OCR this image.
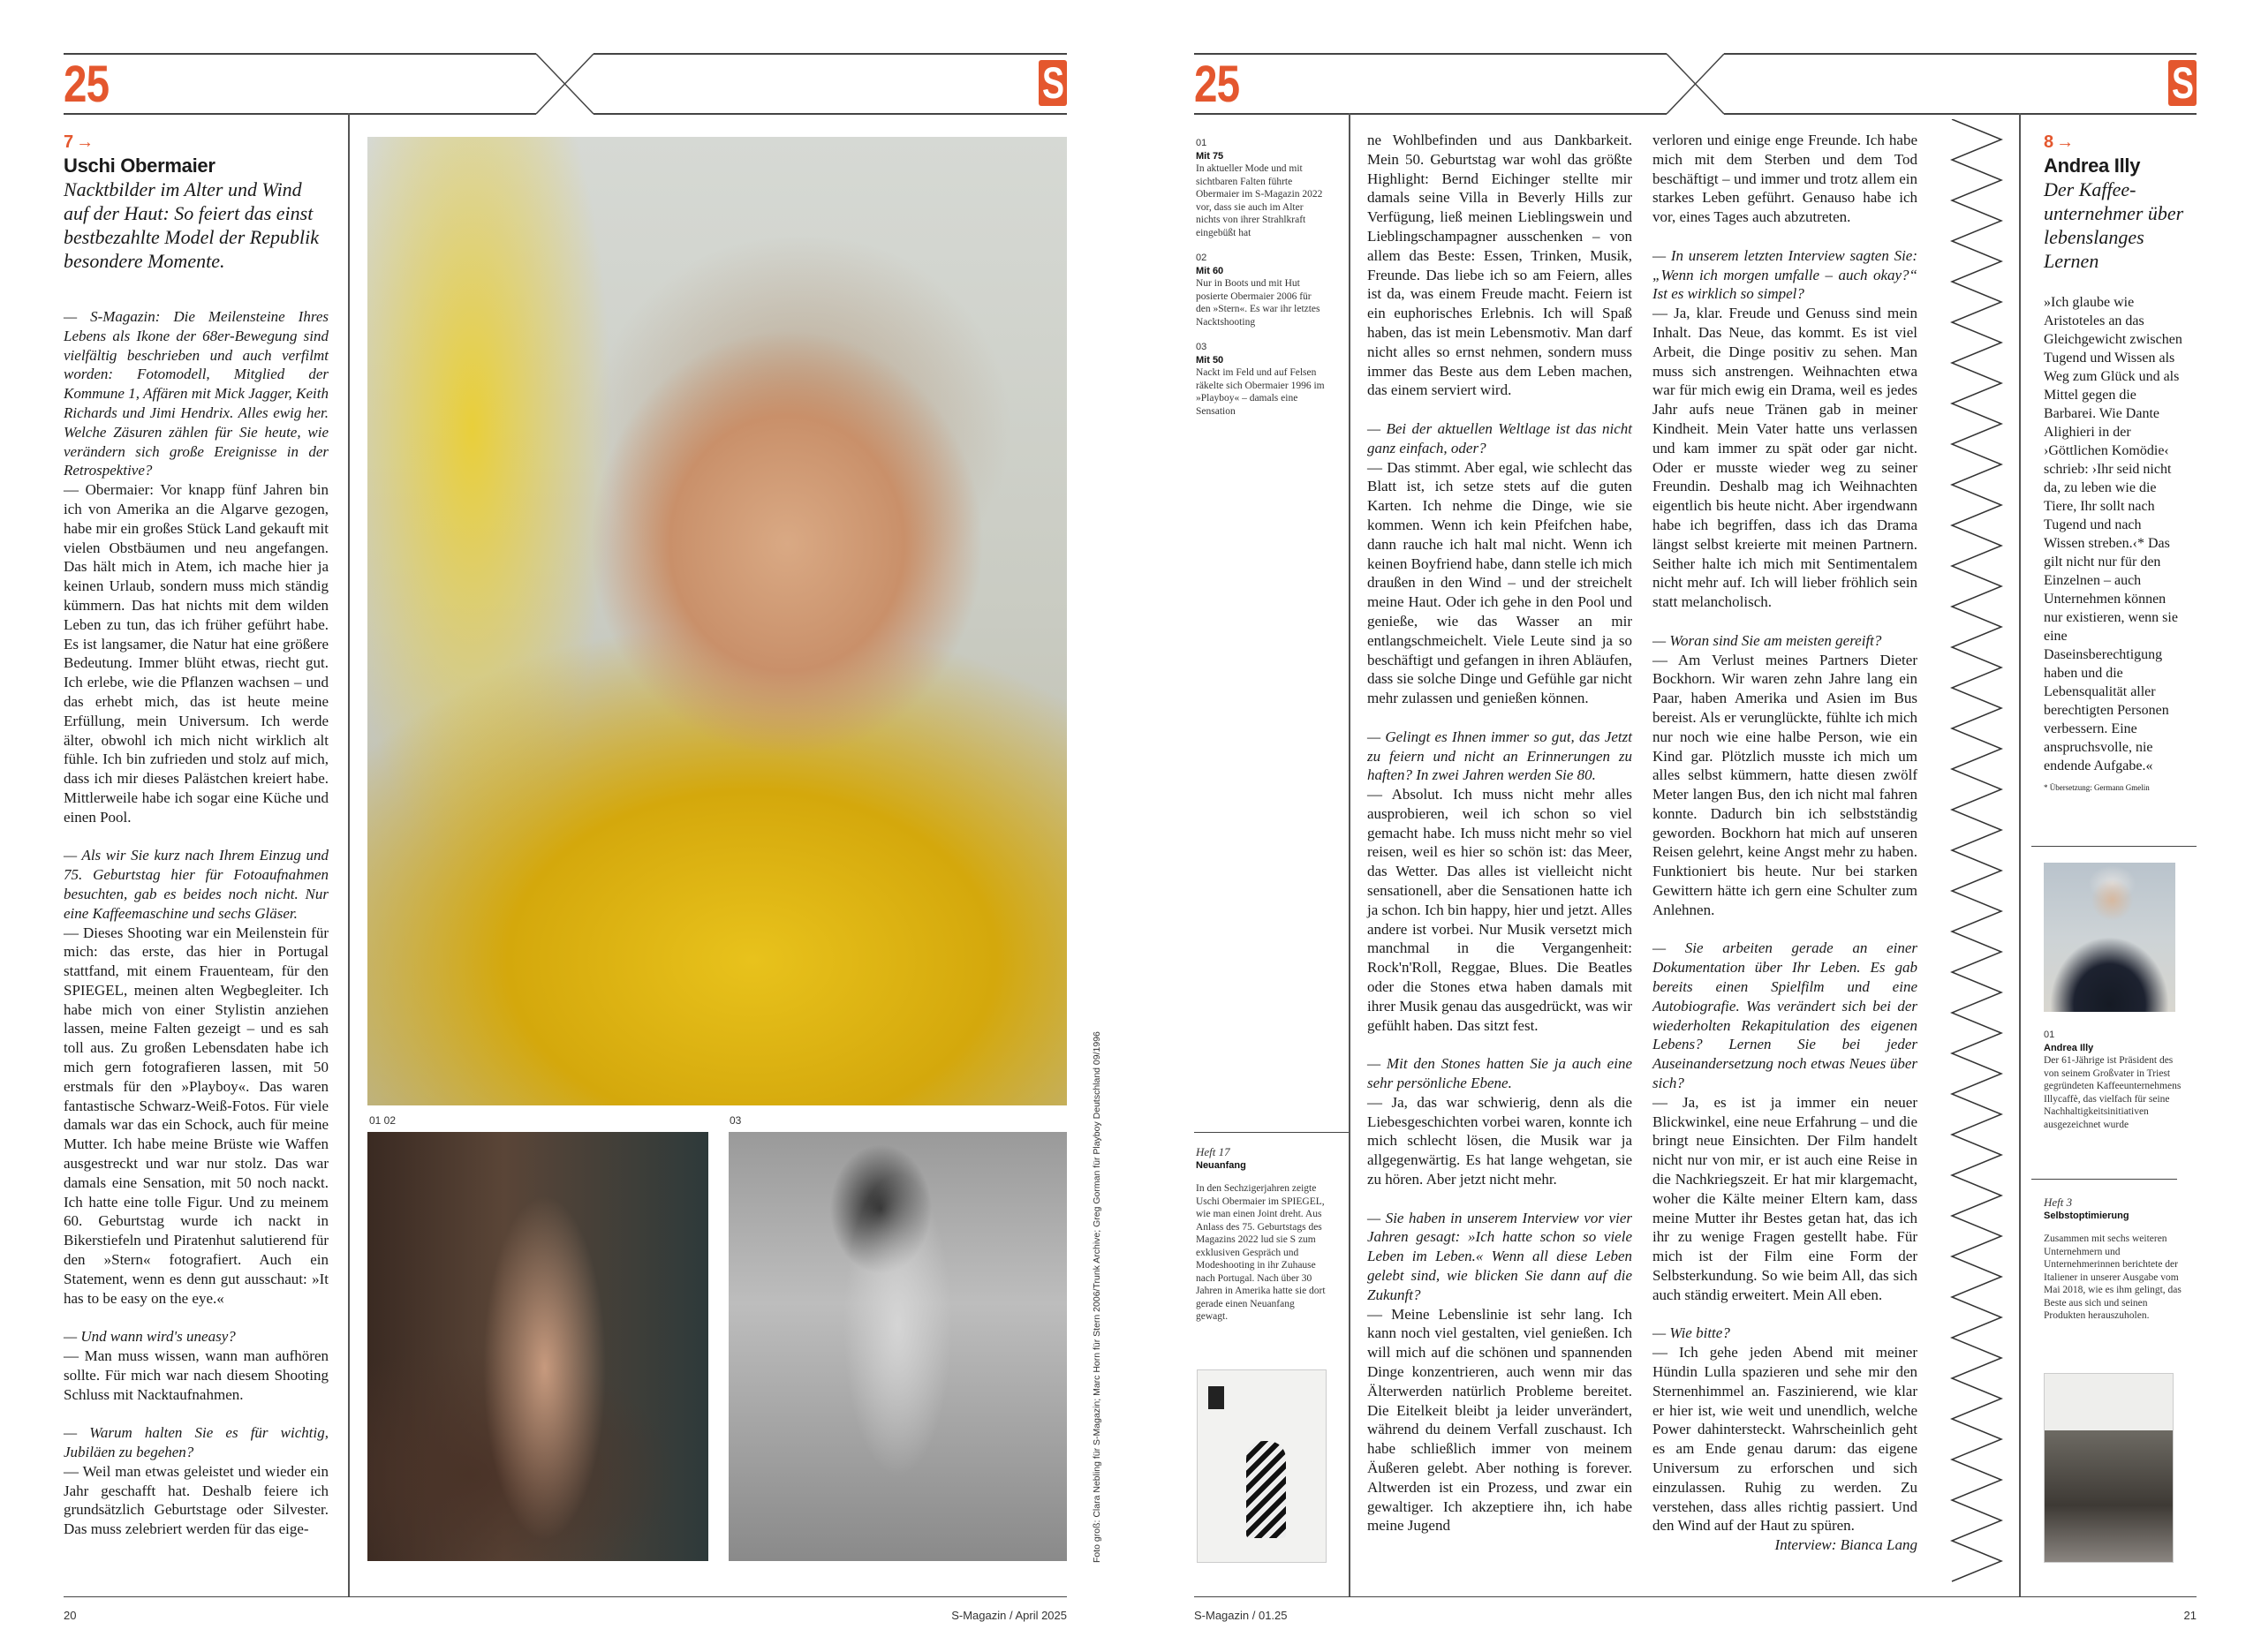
25	S
7 →
Uschi Obermaier
Nacktbilder im Alter und Wind auf der Haut: So feiert das einst bestbezahlte Model der Republik besondere Momente.

— S-Magazin: Die Meilensteine Ihres Lebens als Ikone der 68er-Bewegung sind vielfältig beschrieben und auch verfilmt worden: Fotomodell, Mitglied der Kommune 1, Affären mit Mick Jagger, Keith Richards und Jimi Hendrix. Alles ewig her. Welche Zäsuren zählen für Sie heute, wie verändern sich große Ereignisse in der Retrospektive?

— Obermaier: Vor knapp fünf Jahren bin ich von Amerika an die Algarve gezogen, habe mir ein großes Stück Land gekauft mit vielen Obstbäumen und neu angefangen. Das hält mich in Atem, ich mache hier ja keinen Urlaub, sondern muss mich ständig kümmern. Das hat nichts mit dem wilden Leben zu tun, das ich früher geführt habe. Es ist langsamer, die Natur hat eine größere Bedeutung. Immer blüht etwas, riecht gut. Ich erlebe, wie die Pflanzen wachsen – und das erhebt mich, das ist heute meine Erfüllung, mein Universum. Ich werde älter, obwohl ich mich nicht wirklich alt fühle. Ich bin zufrieden und stolz auf mich, dass ich mir dieses Palästchen kreiert habe. Mittlerweile habe ich sogar eine Küche und einen Pool.

— Als wir Sie kurz nach Ihrem Einzug und 75. Geburtstag hier für Fotoaufnahmen besuchten, gab es beides noch nicht. Nur eine Kaffeemaschine und sechs Gläser.

— Dieses Shooting war ein Meilenstein für mich: das erste, das hier in Portugal stattfand, mit einem Frauenteam, für den SPIEGEL, meinen alten Wegbegleiter. Ich habe mich von einer Stylistin anziehen lassen, meine Falten gezeigt – und es sah toll aus. Zu großen Lebensdaten habe ich mich gern fotografieren lassen, mit 50 erstmals für den »Playboy«. Das waren fantastische Schwarz-Weiß-Fotos. Für viele damals war das ein Schock, auch für meine Mutter. Ich habe meine Brüste wie Waffen ausgestreckt und war nur stolz. Das war damals eine Sensation, mit 50 noch nackt. Ich hatte eine tolle Figur. Und zu meinem 60. Geburtstag wurde ich nackt in Bikerstiefeln und Piratenhut salutierend für den »Stern« fotografiert. Auch ein Statement, wenn es denn gut ausschaut: »It has to be easy on the eye.«

— Und wann wird's uneasy?

— Man muss wissen, wann man aufhören sollte. Für mich war nach diesem Shooting Schluss mit Nacktaufnahmen.

— Warum halten Sie es für wichtig, Jubiläen zu begehen?

— Weil man etwas geleistet und wieder ein Jahr geschafft hat. Deshalb feiere ich grundsätzlich Geburtstage oder Silvester. Das muss zelebriert werden für das eige-

01 02	03	Foto groß: Clara Nebling für S-Magazin; Marc Horn für Stern 2006/Trunk Archive; Greg Gorman für Playboy Deutschland 09/1996
20	S-Magazin / April 2025
25	S
01
Mit 75
In aktueller Mode und mit sichtbaren Falten führte Obermaier im S-Magazin 2022 vor, dass sie auch im Alter nichts von ihrer Strahlkraft eingebüßt hat
02
Mit 60
Nur in Boots und mit Hut posierte Obermaier 2006 für den »Stern«. Es war ihr letztes Nacktshooting
03
Mit 50
Nackt im Feld und auf Felsen räkelte sich Obermaier 1996 im »Playboy« – damals eine Sensation
Heft 17
Neuanfang
In den Sechzigerjahren zeigte Uschi Obermaier im SPIEGEL, wie man einen Joint dreht. Aus Anlass des 75. Geburtstags des Magazins 2022 lud sie S zum exklusiven Gespräch und Modeshooting in ihr Zuhause nach Portugal. Nach über 30 Jahren in Amerika hatte sie dort gerade einen Neuanfang gewagt.

ne Wohlbefinden und aus Dankbarkeit. Mein 50. Geburtstag war wohl das größte Highlight: Bernd Eichinger stellte mir damals seine Villa in Beverly Hills zur Verfügung, ließ meinen Lieblingswein und Lieblingschampagner ausschenken – von allem das Beste: Essen, Trinken, Musik, Freunde. Das liebe ich so am Feiern, alles ist da, was einem Freude macht. Feiern ist ein euphorisches Erlebnis. Ich will Spaß haben, das ist mein Lebensmotiv. Man darf nicht alles so ernst nehmen, sondern muss immer das Beste aus dem Leben machen, das einem serviert wird.

— Bei der aktuellen Weltlage ist das nicht ganz einfach, oder?

— Das stimmt. Aber egal, wie schlecht das Blatt ist, ich setze stets auf die guten Karten. Ich nehme die Dinge, wie sie kommen. Wenn ich kein Pfeifchen habe, dann rauche ich halt mal nicht. Wenn ich keinen Boyfriend habe, dann stelle ich mich draußen in den Wind – und der streichelt meine Haut. Oder ich gehe in den Pool und genieße, wie das Wasser an mir entlangschmeichelt. Viele Leute sind ja so beschäftigt und gefangen in ihren Abläufen, dass sie solche Dinge und Gefühle gar nicht mehr zulassen und genießen können.

— Gelingt es Ihnen immer so gut, das Jetzt zu feiern und nicht an Erinnerungen zu haften? In zwei Jahren werden Sie 80.

— Absolut. Ich muss nicht mehr alles ausprobieren, weil ich schon so viel gemacht habe. Ich muss nicht mehr so viel reisen, weil es hier so schön ist: das Meer, das Wetter. Das alles ist vielleicht nicht sensationell, aber die Sensationen hatte ich ja schon. Ich bin happy, hier und jetzt. Alles andere ist vorbei. Nur Musik versetzt mich manchmal in die Vergangenheit: Rock'n'Roll, Reggae, Blues. Die Beatles oder die Stones etwa haben damals mit ihrer Musik genau das ausgedrückt, was wir gefühlt haben. Das sitzt fest.

— Mit den Stones hatten Sie ja auch eine sehr persönliche Ebene.

— Ja, das war schwierig, denn als die Liebesgeschichten vorbei waren, konnte ich mich schlecht lösen, die Musik war ja allgegenwärtig. Es hat lange wehgetan, sie zu hören. Aber jetzt nicht mehr.

— Sie haben in unserem Interview vor vier Jahren gesagt: »Ich hatte schon so viele Leben im Leben.« Wenn all diese Leben gelebt sind, wie blicken Sie dann auf die Zukunft?

— Meine Lebenslinie ist sehr lang. Ich kann noch viel gestalten, viel genießen. Ich will mich auf die schönen und spannenden Dinge konzentrieren, auch wenn mir das Älterwerden natürlich Probleme bereitet. Die Eitelkeit bleibt ja leider unverändert, während du deinem Verfall zuschaust. Ich habe schließlich immer von meinem Äußeren gelebt. Aber nothing is forever. Altwerden ist ein Prozess, und zwar ein gewaltiger. Ich akzeptiere ihn, ich habe meine Jugend

verloren und einige enge Freunde. Ich habe mich mit dem Sterben und dem Tod beschäftigt – und immer und trotz allem ein starkes Leben geführt. Genauso habe ich vor, eines Tages auch abzutreten.

— In unserem letzten Interview sagten Sie: „Wenn ich morgen umfalle – auch okay?“ Ist es wirklich so simpel?

— Ja, klar. Freude und Genuss sind mein Inhalt. Das Neue, das kommt. Es ist viel Arbeit, die Dinge positiv zu sehen. Man muss sich anstrengen. Weihnachten etwa war für mich ewig ein Drama, weil es jedes Jahr aufs neue Tränen gab in meiner Kindheit. Mein Vater hatte uns verlassen und kam immer zu spät oder gar nicht. Oder er musste wieder weg zu seiner Freundin. Deshalb mag ich Weihnachten eigentlich bis heute nicht. Aber irgendwann habe ich begriffen, dass ich das Drama längst selbst kreierte mit meinen Partnern. Seither halte ich mich mit Sentimentalem nicht mehr auf. Ich will lieber fröhlich sein statt melancholisch.

— Woran sind Sie am meisten gereift?

— Am Verlust meines Partners Dieter Bockhorn. Wir waren zehn Jahre lang ein Paar, haben Amerika und Asien im Bus bereist. Als er verunglückte, fühlte ich mich nur noch wie eine halbe Person, wie ein Kind gar. Plötzlich musste ich mich um alles selbst kümmern, hatte diesen zwölf Meter langen Bus, den ich nicht mal fahren konnte. Dadurch bin ich selbstständig geworden. Bockhorn hat mich auf unseren Reisen gelehrt, keine Angst mehr zu haben. Funktioniert bis heute. Nur bei starken Gewittern hätte ich gern eine Schulter zum Anlehnen.

— Sie arbeiten gerade an einer Dokumentation über Ihr Leben. Es gab bereits einen Spielfilm und eine Autobiografie. Was verändert sich bei der wiederholten Rekapitulation des eigenen Lebens? Lernen Sie bei jeder Auseinandersetzung noch etwas Neues über sich?

— Ja, es ist ja immer ein neuer Blickwinkel, eine neue Erfahrung – und die bringt neue Einsichten. Der Film handelt nicht nur von mir, er ist auch eine Reise in die Nachkriegszeit. Er hat mir klargemacht, woher die Kälte meiner Eltern kam, dass meine Mutter ihr Bestes getan hat, das ich ihr zu wenige Fragen gestellt habe. Für mich ist der Film eine Form der Selbsterkundung. So wie beim All, das sich auch ständig erweitert. Mein All eben.

— Wie bitte?

— Ich gehe jeden Abend mit meiner Hündin Lulla spazieren und sehe mir den Sternenhimmel an. Faszinierend, wie klar er hier ist, wie weit und unendlich, welche Power dahintersteckt. Wahrscheinlich geht es am Ende genau darum: das eigene Universum zu erforschen und sich einzulassen. Ruhig zu werden. Zu verstehen, dass alles richtig passiert. Und den Wind auf der Haut zu spüren.

Interview: Bianca Lang

8 →
Andrea Illy
Der Kaffeeunternehmer über lebenslanges Lernen
»Ich glaube wie Aristoteles an das Gleichgewicht zwischen Tugend und Wissen als Weg zum Glück und als Mittel gegen die Barbarei. Wie Dante Alighieri in der ›Göttlichen Komödie‹ schrieb: ›Ihr seid nicht da, zu leben wie die Tiere, Ihr sollt nach Tugend und nach Wissen streben.‹* Das gilt nicht nur für den Einzelnen – auch Unternehmen können nur existieren, wenn sie eine Daseinsberechtigung haben und die Lebensqualität aller berechtigten Personen verbessern. Eine anspruchsvolle, nie endende Aufgabe.«
* Übersetzung: Germann Gmelin
01
Andrea Illy
Der 61-Jährige ist Präsident des von seinem Großvater in Triest gegründeten Kaffeeunternehmens Illycaffè, das vielfach für seine Nachhaltigkeitsinitiativen ausgezeichnet wurde
Heft 3
Selbstoptimierung
Zusammen mit sechs weiteren Unternehmern und Unternehmerinnen berichtete der Italiener in unserer Ausgabe vom Mai 2018, wie es ihm gelingt, das Beste aus sich und seinen Produkten herauszuholen.
S-Magazin / 01.25	21
